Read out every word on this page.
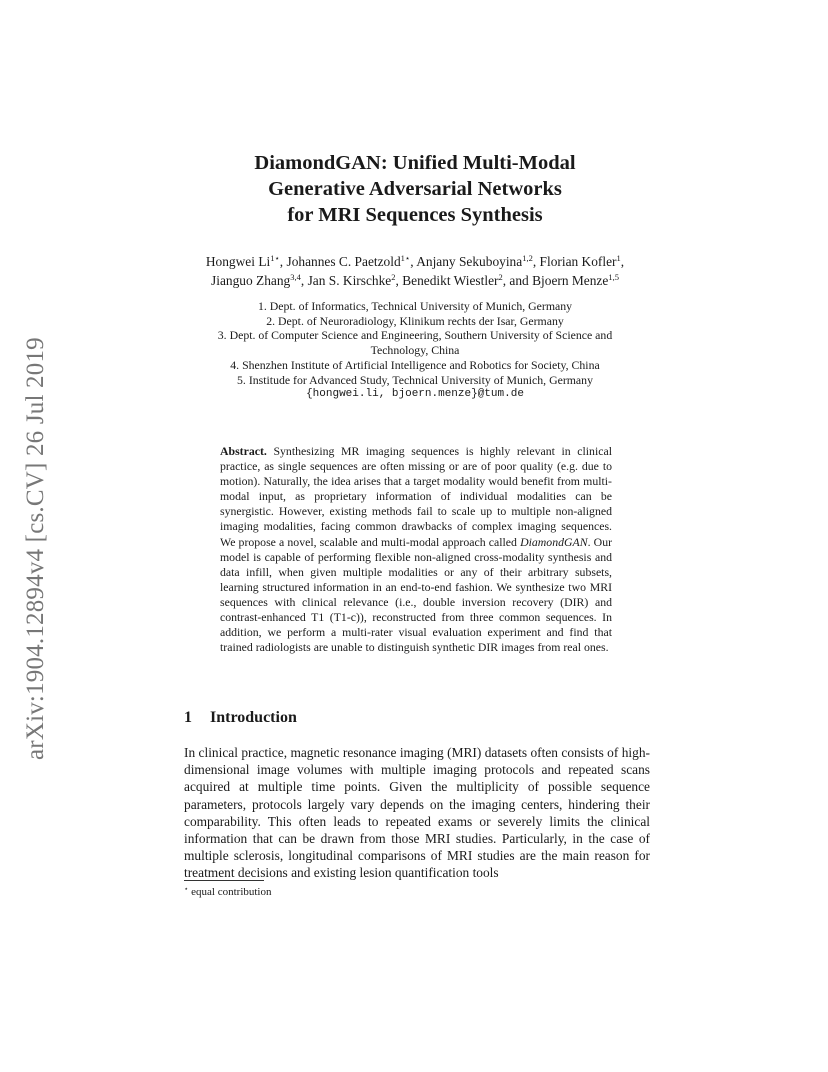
arXiv:1904.12894v4 [cs.CV] 26 Jul 2019
DiamondGAN: Unified Multi-Modal
Generative Adversarial Networks
for MRI Sequences Synthesis
Hongwei $Li^{1⋆}$, Johannes C. Paetzold$^{1⋆}$, Anjany Sekuboyina$^{1,2}$, Florian Kofler$^1$,
Jianguo Zhang$^{3,4}$, Jan S. Kirschke$^2$, Benedikt Wiestler$^2$, and Bjoern Menze$^{1,5}$
1. Dept. of Informatics, Technical University of Munich, Germany
2. Dept. of Neuroradiology, Klinikum rechts der Isar, Germany
3. Dept. of Computer Science and Engineering, Southern University of Science and
Technology, China
4. Shenzhen Institute of Artificial Intelligence and Robotics for Society, China
5. Institude for Advanced Study, Technical University of Munich, Germany
{hongwei.li, bjoern.menze}@tum.de
Abstract. Synthesizing MR imaging sequences is highly relevant in clinical practice, as single sequences are often missing or are of poor quality (e.g. due to motion). Naturally, the idea arises that a target modality would benefit from multi-modal input, as proprietary information of individual modalities can be synergistic. However, existing methods fail to scale up to multiple non-aligned imaging modalities, facing common drawbacks of complex imaging sequences. We propose a novel, scalable and multi-modal approach called DiamondGAN. Our model is capable of performing flexible non-aligned cross-modality synthesis and data infill, when given multiple modalities or any of their arbitrary subsets, learning structured information in an end-to-end fashion. We synthesize two MRI sequences with clinical relevance (i.e., double inversion recovery (DIR) and contrast-enhanced T1 (T1-c)), reconstructed from three common sequences. In addition, we perform a multi-rater visual evaluation experiment and find that trained radiologists are unable to distinguish synthetic DIR images from real ones.
1 Introduction
In clinical practice, magnetic resonance imaging (MRI) datasets often consists of high-dimensional image volumes with multiple imaging protocols and repeated scans acquired at multiple time points. Given the multiplicity of possible sequence parameters, protocols largely vary depends on the imaging centers, hindering their comparability. This often leads to repeated exams or severely limits the clinical information that can be drawn from those MRI studies. Particularly, in the case of multiple sclerosis, longitudinal comparisons of MRI studies are the main reason for treatment decisions and existing lesion quantification tools
⋆ equal contribution
